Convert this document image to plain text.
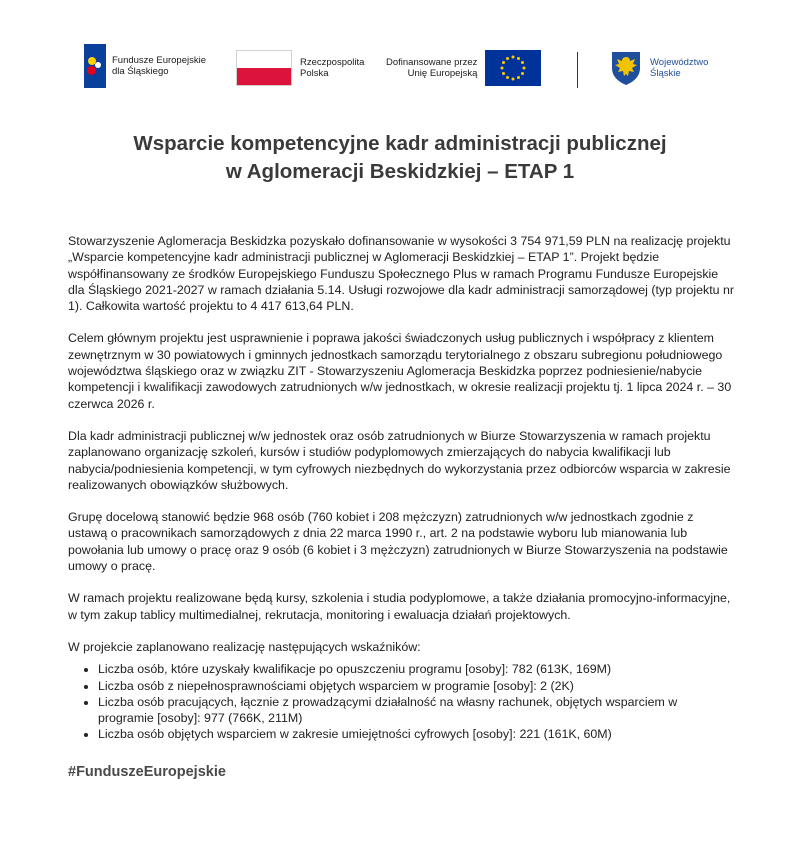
Fundusze Europejskie
dla Śląskiego
Rzeczpospolita
Polska
Dofinansowane przez
Unię Europejską
Województwo
Śląskie
Wsparcie kompetencyjne kadr administracji publicznej
w Aglomeracji Beskidzkiej – ETAP 1

Stowarzyszenie Aglomeracja Beskidzka pozyskało dofinansowanie w wysokości 3 754 971,59 PLN na realizację projektu „Wsparcie kompetencyjne kadr administracji publicznej w Aglomeracji Beskidzkiej – ETAP 1”. Projekt będzie współfinansowany ze środków Europejskiego Funduszu Społecznego Plus w ramach Programu Fundusze Europejskie dla Śląskiego 2021-2027 w ramach działania 5.14. Usługi rozwojowe dla kadr administracji samorządowej (typ projektu nr 1). Całkowita wartość projektu to 4 417 613,64 PLN.

Celem głównym projektu jest usprawnienie i poprawa jakości świadczonych usług publicznych i współpracy z klientem zewnętrznym w 30 powiatowych i gminnych jednostkach samorządu terytorialnego z obszaru subregionu południowego województwa śląskiego oraz w związku ZIT - Stowarzyszeniu Aglomeracja Beskidzka poprzez podniesienie/nabycie kompetencji i kwalifikacji zawodowych zatrudnionych w/w jednostkach, w okresie realizacji projektu tj. 1 lipca 2024 r. – 30 czerwca 2026 r.

Dla kadr administracji publicznej w/w jednostek oraz osób zatrudnionych w Biurze Stowarzyszenia w ramach projektu zaplanowano organizację szkoleń, kursów i studiów podyplomowych zmierzających do nabycia kwalifikacji lub nabycia/podniesienia kompetencji, w tym cyfrowych niezbędnych do wykorzystania przez odbiorców wsparcia w zakresie realizowanych obowiązków służbowych.

Grupę docelową stanowić będzie 968 osób (760 kobiet i 208 mężczyzn) zatrudnionych w/w jednostkach zgodnie z ustawą o pracownikach samorządowych z dnia 22 marca 1990 r., art. 2 na podstawie wyboru lub mianowania lub powołania lub umowy o pracę oraz 9 osób (6 kobiet i 3 mężczyzn) zatrudnionych w Biurze Stowarzyszenia na podstawie umowy o pracę.

W ramach projektu realizowane będą kursy, szkolenia i studia podyplomowe, a także działania promocyjno-informacyjne, w tym zakup tablicy multimedialnej, rekrutacja, monitoring i ewaluacja działań projektowych.

W projekcie zaplanowano realizację następujących wskaźników:

• Liczba osób, które uzyskały kwalifikacje po opuszczeniu programu [osoby]: 782 (613K, 169M)
• Liczba osób z niepełnosprawnościami objętych wsparciem w programie [osoby]: 2 (2K)
• Liczba osób pracujących, łącznie z prowadzącymi działalność na własny rachunek, objętych wsparciem w programie [osoby]: 977 (766K, 211M)
• Liczba osób objętych wsparciem w zakresie umiejętności cyfrowych [osoby]: 221 (161K, 60M)
#FunduszeEuropejskie
